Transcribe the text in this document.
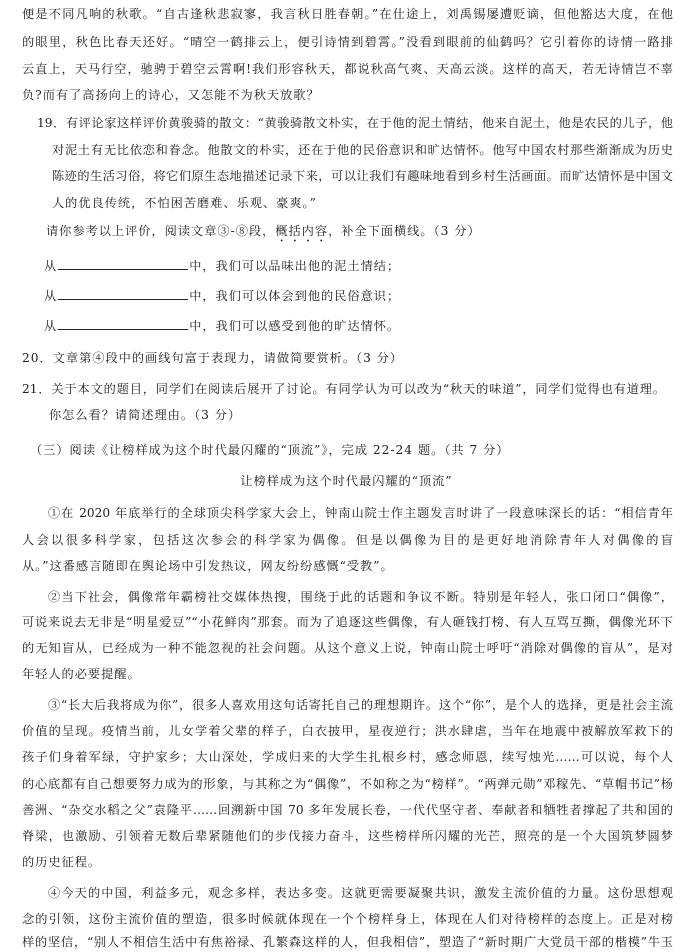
便是不同凡响的秋歌。“自古逢秋悲寂寥，我言秋日胜春朝。”在仕途上，刘禹锡屡遭贬谪，但他豁达大度，在他
的眼里，秋色比春天还好。“晴空一鹤排云上，便引诗情到碧霄。”没看到眼前的仙鹤吗？它引着你的诗情一路排
云直上，天马行空，驰骋于碧空云霄啊!我们形容秋天，都说秋高气爽、天高云淡。这样的高天，若无诗情岂不辜
负?而有了高扬向上的诗心，又怎能不为秋天放歌？
19．有评论家这样评价黄骏骑的散文：“黄骏骑散文朴实，在于他的泥土情结，他来自泥土，他是农民的儿子，他
对泥土有无比依恋和眷念。他散文的朴实，还在于他的民俗意识和旷达情怀。他写中国农村那些渐渐成为历史
陈迹的生活习俗，将它们原生态地描述记录下来，可以让我们有趣味地看到乡村生活画面。而旷达情怀是中国文
人的优良传统，不怕困苦磨难、乐观、豪爽。”
请你参考以上评价，阅读文章③-⑧段，概括内容，补全下面横线。（3 分）
从	中，我们可以品味出他的泥土情结；
从	中，我们可以体会到他的民俗意识；
从	中，我们可以感受到他的旷达情怀。
20．文章第④段中的画线句富于表现力，请做简要赏析。（3 分）
21．关于本文的题目，同学们在阅读后展开了讨论。有同学认为可以改为“秋天的味道”，同学们觉得也有道理。
你怎么看？请简述理由。（3 分）
（三）阅读《让榜样成为这个时代最闪耀的“顶流”》，完成 22-24 题。（共 7 分）
让榜样成为这个时代最闪耀的“顶流”
①在 2020 年底举行的全球顶尖科学家大会上，钟南山院士作主题发言时讲了一段意味深长的话：“相信青年
人会以很多科学家，包括这次参会的科学家为偶像。但是以偶像为目的是更好地消除青年人对偶像的盲
从。”这番感言随即在舆论场中引发热议，网友纷纷感慨“受教”。
②当下社会，偶像常年霸榜社交媒体热搜，围绕于此的话题和争议不断。特别是年轻人，张口闭口“偶像”，
可说来说去无非是“明星爱豆”“小花鲜肉”那套。而为了追逐这些偶像，有人砸钱打榜、有人互骂互撕，偶像光环下
的无知盲从，已经成为一种不能忽视的社会问题。从这个意义上说，钟南山院士呼吁“消除对偶像的盲从”，是对
年轻人的必要提醒。
③“长大后我将成为你”，很多人喜欢用这句话寄托自己的理想期许。这个“你”，是个人的选择，更是社会主流
价值的呈现。疫情当前，儿女学着父辈的样子，白衣披甲，星夜逆行；洪水肆虐，当年在地震中被解放军救下的
孩子们身着军绿，守护家乡；大山深处，学成归来的大学生扎根乡村，感念师恩，续写烛光……可以说，每个人
的心底都有自己想要努力成为的形象，与其称之为“偶像”，不如称之为“榜样”。“两弹元勋”邓稼先、“草帽书记”杨
善洲、“杂交水稻之父”袁隆平……回溯新中国 70 多年发展长卷，一代代坚守者、奉献者和牺牲者撑起了共和国的
脊梁，也激励、引领着无数后辈紧随他们的步伐接力奋斗，这些榜样所闪耀的光芒，照亮的是一个大国筑梦圆梦
的历史征程。
④今天的中国，利益多元，观念多样，表达多变。这就更需要凝聚共识，激发主流价值的力量。这份思想观
念的引领，这份主流价值的塑造，很多时候就体现在一个个榜样身上，体现在人们对待榜样的态度上。正是对榜
样的坚信，“别人不相信生活中有焦裕禄、孔繁森这样的人，但我相信”，塑造了“新时期广大党员干部的楷模”牛玉
